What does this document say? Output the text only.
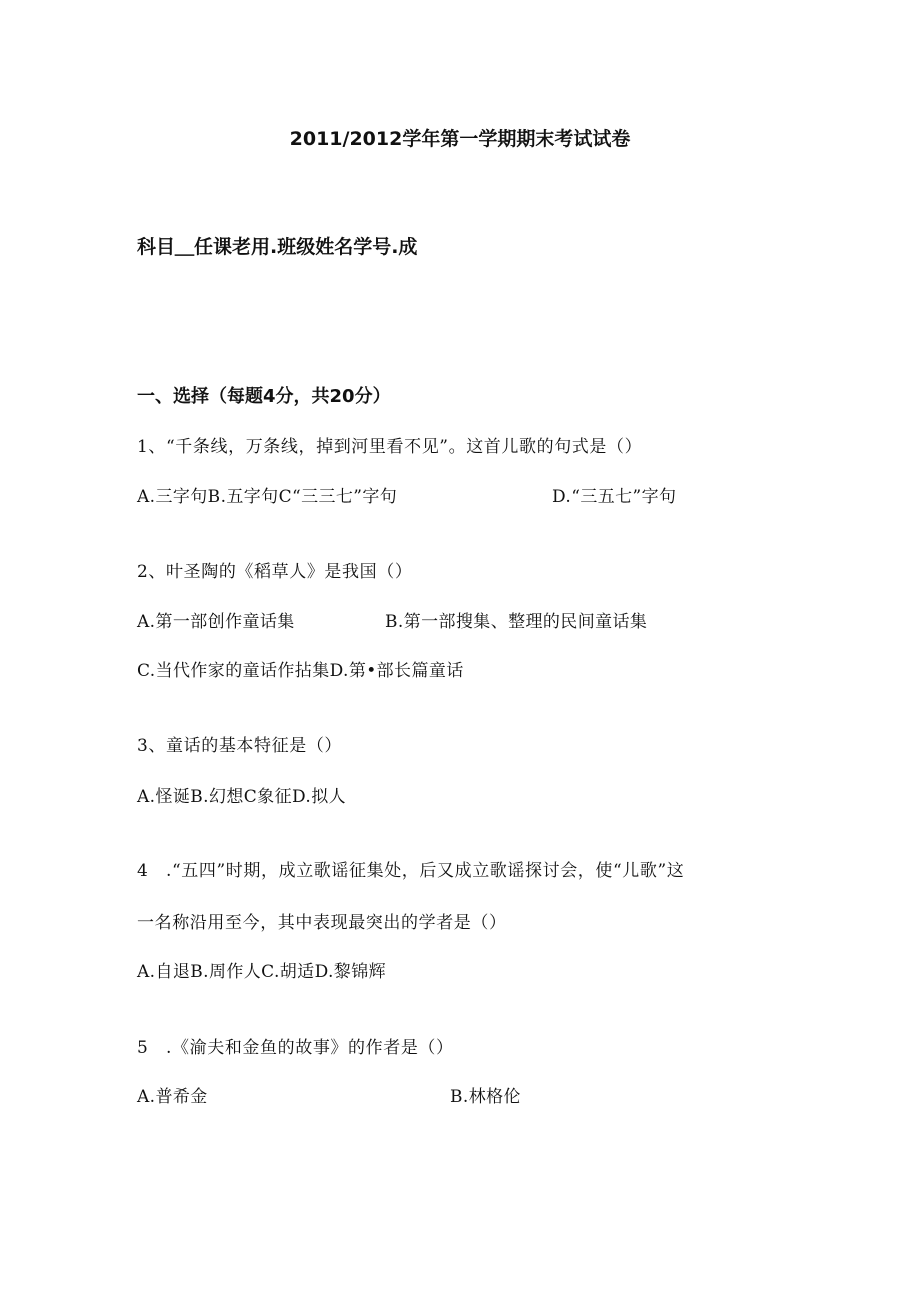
2011/2012学年第一学期期末考试试卷
科目＿任课老用.班级姓名学号.成
一、选择（每题4分，共20分）
1、“千条线，万条线，掉到河里看不见”。这首儿歌的句式是（）
A.三字句B.五字句C“三三七”字句	D.“三五七”字句
2、叶圣陶的《稻草人》是我国（）
A.第一部创作童话集	B.第一部搜集、整理的民间童话集
C.当代作家的童话作拈集D.第•部长篇童话
3、童话的基本特征是（）
A.怪诞B.幻想C象征D.拟人
4　.“五四”时期，成立歌谣征集处，后又成立歌谣探讨会，使“儿歌”这
一名称沿用至今，其中表现最突出的学者是（）
A.自退B.周作人C.胡适D.黎锦辉
5　.《渝夫和金鱼的故事》的作者是（）
A.普希金	B.林格伦
